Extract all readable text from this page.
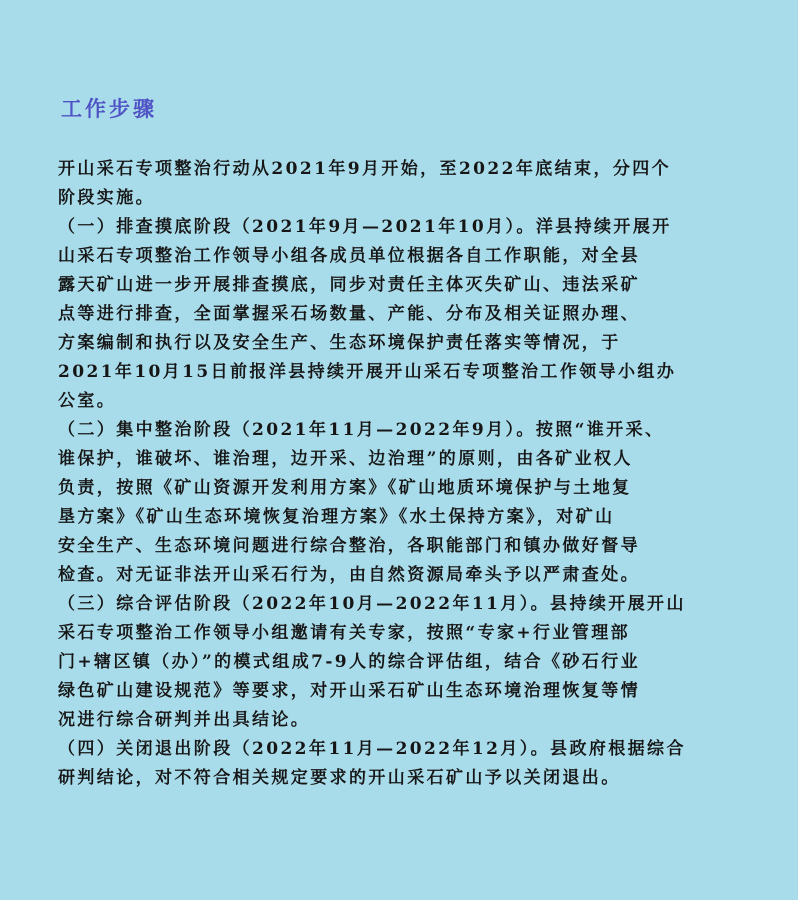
工作步骤
开山采石专项整治行动从2021年9月开始，至2022年底结束，分四个
阶段实施。
（一）排查摸底阶段（2021年9月—2021年10月）。洋县持续开展开
山采石专项整治工作领导小组各成员单位根据各自工作职能，对全县
露天矿山进一步开展排查摸底，同步对责任主体灭失矿山、违法采矿
点等进行排查，全面掌握采石场数量、产能、分布及相关证照办理、
方案编制和执行以及安全生产、生态环境保护责任落实等情况，于
2021年10月15日前报洋县持续开展开山采石专项整治工作领导小组办
公室。
（二）集中整治阶段（2021年11月—2022年9月）。按照“谁开采、
谁保护，谁破坏、谁治理，边开采、边治理”的原则，由各矿业权人
负责，按照《矿山资源开发利用方案》《矿山地质环境保护与土地复
垦方案》《矿山生态环境恢复治理方案》《水土保持方案》，对矿山
安全生产、生态环境问题进行综合整治，各职能部门和镇办做好督导
检查。对无证非法开山采石行为，由自然资源局牵头予以严肃查处。
（三）综合评估阶段（2022年10月—2022年11月）。县持续开展开山
采石专项整治工作领导小组邀请有关专家，按照“专家+行业管理部
门+辖区镇（办）”的模式组成7-9人的综合评估组，结合《砂石行业
绿色矿山建设规范》等要求，对开山采石矿山生态环境治理恢复等情
况进行综合研判并出具结论。
（四）关闭退出阶段（2022年11月—2022年12月）。县政府根据综合
研判结论，对不符合相关规定要求的开山采石矿山予以关闭退出。
